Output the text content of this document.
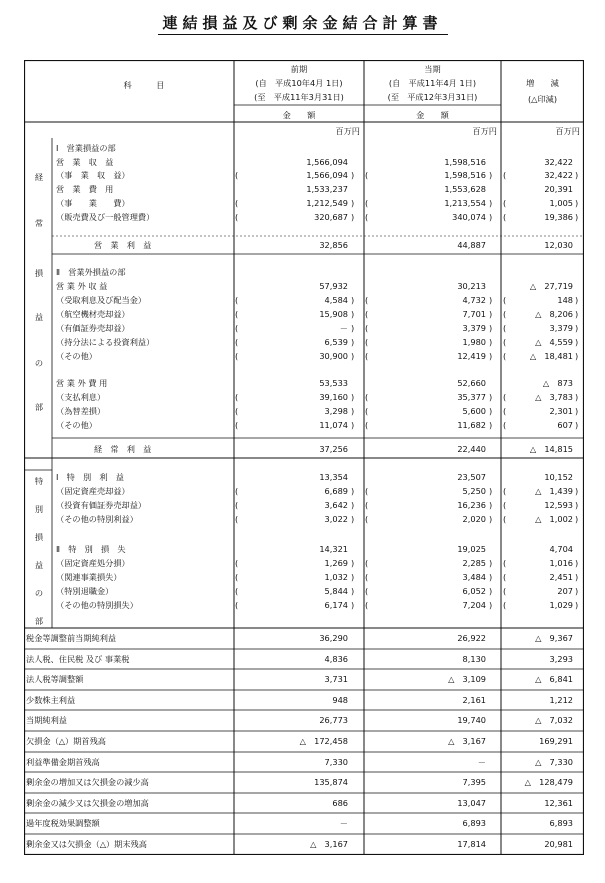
連結損益及び剰余金結合計算書
科　　　目
前期
(自　平成10年4月 1日)
(至　平成11年3月31日)
金　　額
当期
(自　平成11年4月 1日)
(至　平成12年3月31日)
金　　額
増　　減
(△印減)
百万円	百万円	百万円
経
常
損
益
の
部
特
別
損
益
の
部
Ⅰ　営業損益の部
営　業　収　益	1,566,094	1,598,516	32,422
（事　業　収　益）	1,566,094	1,598,516	32,422
(	) (	) (	)
営　業　費　用	1,533,237	1,553,628	20,391
（事　　業　　費）	1,212,549	1,213,554	1,005
(	) (	) (	)
（販売費及び一般管理費）	320,687	340,074	19,386
(	) (	) (	)
営　業　利　益	32,856	44,887	12,030
Ⅱ　営業外損益の部
営 業 外 収 益	57,932	30,213	△　27,719
（受取利息及び配当金）	4,584	4,732	148
(	) (	) (	)
（航空機材売却益）	15,908	7,701	△　8,206
(	) (	) (	)
（有価証券売却益）	－	3,379	3,379
(	) (	) (	)
（持分法による投資利益）	6,539	1,980	△　4,559
(	) (	) (	)
（その他）	30,900	12,419	△　18,481
(	) (	) (	)
営 業 外 費 用	53,533	52,660	△　873
（支払利息）	39,160	35,377	△　3,783
(	) (	) (	)
（為替差損）	3,298	5,600	2,301
(	) (	) (	)
（その他）	11,074	11,682	607
(	) (	) (	)
経　常　利　益	37,256	22,440	△　14,815
Ⅰ　特　別　利　益	13,354	23,507	10,152
（固定資産売却益）	6,689	5,250	△　1,439
(	) (	) (	)
（投資有価証券売却益）	3,642	16,236	12,593
(	) (	) (	)
（その他の特別利益）	3,022	2,020	△　1,002
(	) (	) (	)
Ⅱ　特　別　損　失	14,321	19,025	4,704
（固定資産処分損）	1,269	2,285	1,016
(	) (	) (	)
（関連事業損失）	1,032	3,484	2,451
(	) (	) (	)
（特別退職金）	5,844	6,052	207
(	) (	) (	)
（その他の特別損失）	6,174	7,204	1,029
(	) (	) (	)
税金等調整前当期純利益	36,290	26,922	△　9,367
法人税、住民税 及び 事業税	4,836	8,130	3,293
法人税等調整額	3,731	△　3,109	△　6,841
少数株主利益	948	2,161	1,212
当期純利益	26,773	19,740	△　7,032
欠損金（△）期首残高	△　172,458	△　3,167	169,291
利益準備金期首残高	7,330	－	△　7,330
剰余金の増加又は欠損金の減少高	135,874	7,395	△　128,479
剰余金の減少又は欠損金の増加高	686	13,047	12,361
過年度税効果調整額	－	6,893	6,893
剰余金又は欠損金（△）期末残高	△　3,167	17,814	20,981
